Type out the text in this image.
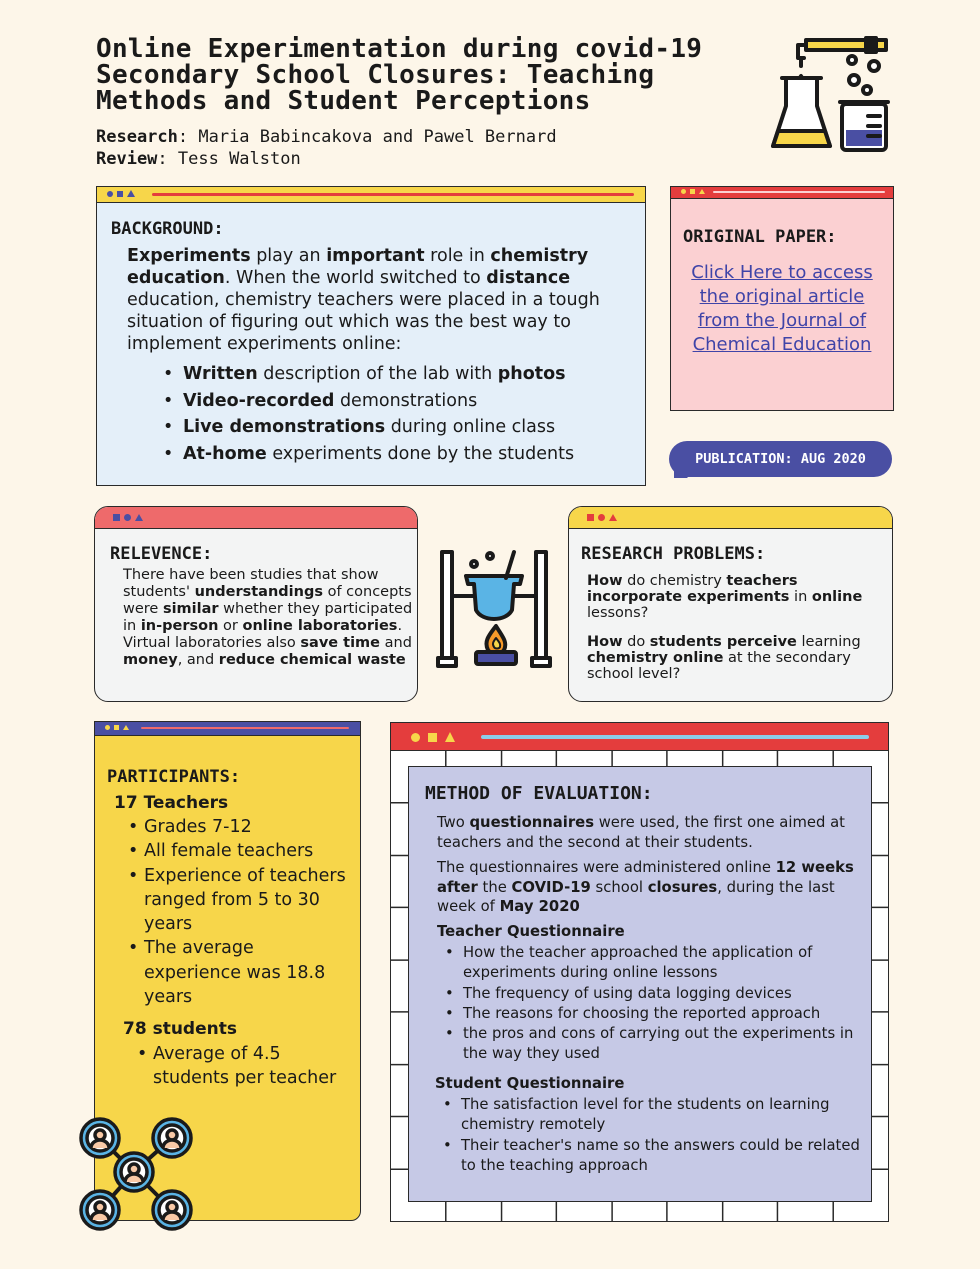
Online Experimentation during covid-19 Secondary School Closures: Teaching Methods and Student Perceptions
Research: Maria Babincakova and Pawel Bernard
Review: Tess Walston
BACKGROUND:
Experiments play an important role in chemistry education. When the world switched to distance education, chemistry teachers were placed in a tough situation of figuring out which was the best way to implement experiments online:
• Written description of the lab with photos
• Video-recorded demonstrations
• Live demonstrations during online class
• At-home experiments done by the students
ORIGINAL PAPER:
Click Here to access the original article from the Journal of Chemical Education
PUBLICATION: AUG 2020
RELEVENCE:
There have been studies that show students' understandings of concepts were similar whether they participated in in-person or online laboratories. Virtual laboratories also save time and money, and reduce chemical waste
RESEARCH PROBLEMS:
How do chemistry teachers incorporate experiments in online lessons?
How do students perceive learning chemistry online at the secondary school level?
PARTICIPANTS:
17 Teachers
• Grades 7-12
• All female teachers
• Experience of teachers ranged from 5 to 30 years
• The average experience was 18.8 years
78 students
• Average of 4.5 students per teacher
METHOD OF EVALUATION:
Two questionnaires were used, the first one aimed at teachers and the second at their students.
The questionnaires were administered online 12 weeks after the COVID-19 school closures, during the last week of May 2020
Teacher Questionnaire
• How the teacher approached the application of experiments during online lessons
• The frequency of using data logging devices
• The reasons for choosing the reported approach
• the pros and cons of carrying out the experiments in the way they used
Student Questionnaire
• The satisfaction level for the students on learning chemistry remotely
• Their teacher's name so the answers could be related to the teaching approach
